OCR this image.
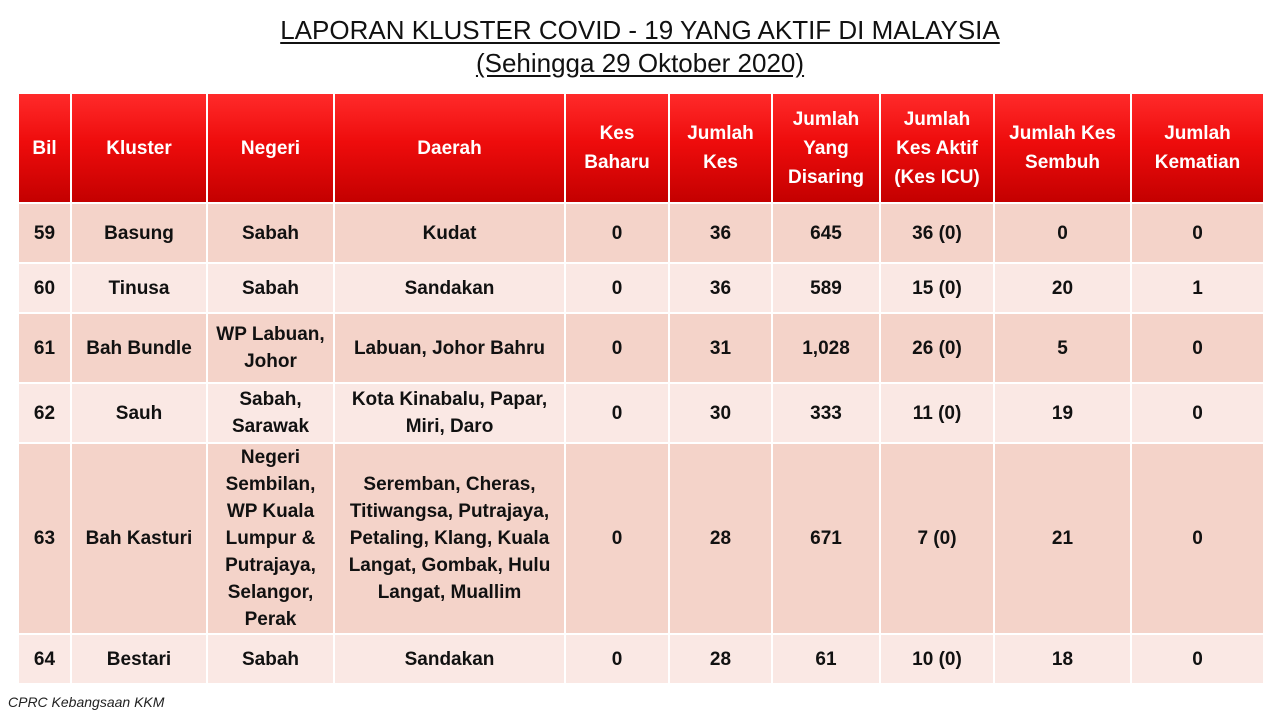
LAPORAN KLUSTER COVID - 19 YANG AKTIF DI MALAYSIA
(Sehingga 29 Oktober 2020)
Bil	Kluster	Negeri	Daerah	Kes Baharu	Jumlah Kes	Jumlah Yang Disaring	Jumlah Kes Aktif (Kes ICU)	Jumlah Kes Sembuh	Jumlah Kematian
59	Basung	Sabah	Kudat	0	36	645	36 (0)	0	0
60	Tinusa	Sabah	Sandakan	0	36	589	15 (0)	20	1
61	Bah Bundle	WP Labuan, Johor	Labuan, Johor Bahru	0	31	1,028	26 (0)	5	0
62	Sauh	Sabah, Sarawak	Kota Kinabalu, Papar, Miri, Daro	0	30	333	11 (0)	19	0
63	Bah Kasturi	Negeri Sembilan, WP Kuala Lumpur & Putrajaya, Selangor, Perak	Seremban, Cheras, Titiwangsa, Putrajaya, Petaling, Klang, Kuala Langat, Gombak, Hulu Langat, Muallim	0	28	671	7 (0)	21	0
64	Bestari	Sabah	Sandakan	0	28	61	10 (0)	18	0
CPRC Kebangsaan KKM
